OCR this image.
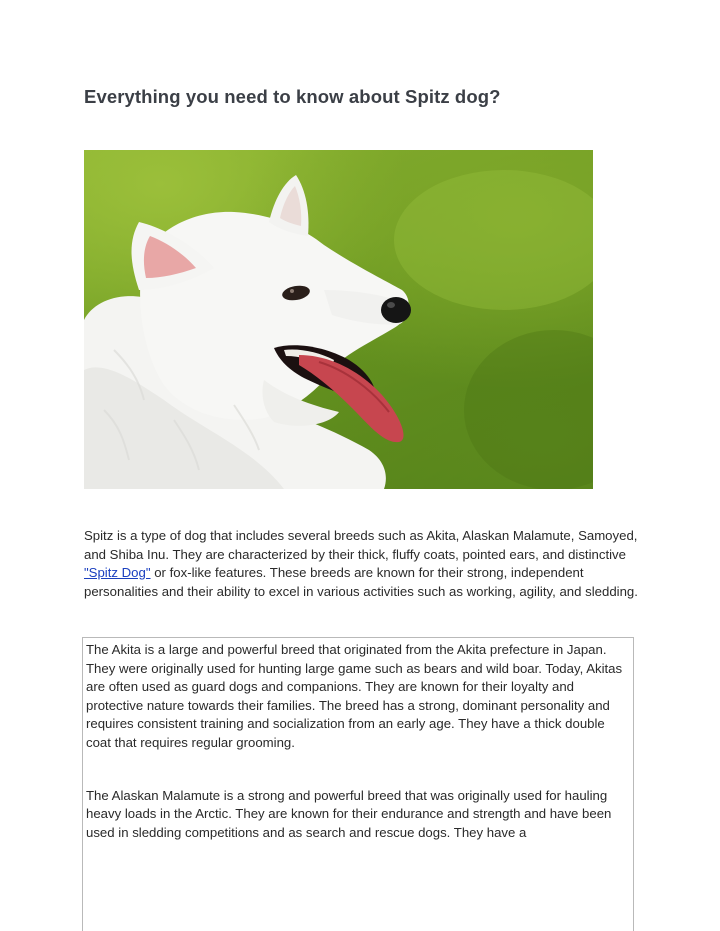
Everything you need to know about Spitz dog?

Spitz is a type of dog that includes several breeds such as Akita, Alaskan Malamute, Samoyed, and Shiba Inu. They are characterized by their thick, fluffy coats, pointed ears, and distinctive "Spitz Dog" or fox-like features. These breeds are known for their strong, independent personalities and their ability to excel in various activities such as working, agility, and sledding.

The Akita is a large and powerful breed that originated from the Akita prefecture in Japan. They were originally used for hunting large game such as bears and wild boar. Today, Akitas are often used as guard dogs and companions. They are known for their loyalty and protective nature towards their families. The breed has a strong, dominant personality and requires consistent training and socialization from an early age. They have a thick double coat that requires regular grooming.

The Alaskan Malamute is a strong and powerful breed that was originally used for hauling heavy loads in the Arctic. They are known for their endurance and strength and have been used in sledding competitions and as search and rescue dogs. They have a
